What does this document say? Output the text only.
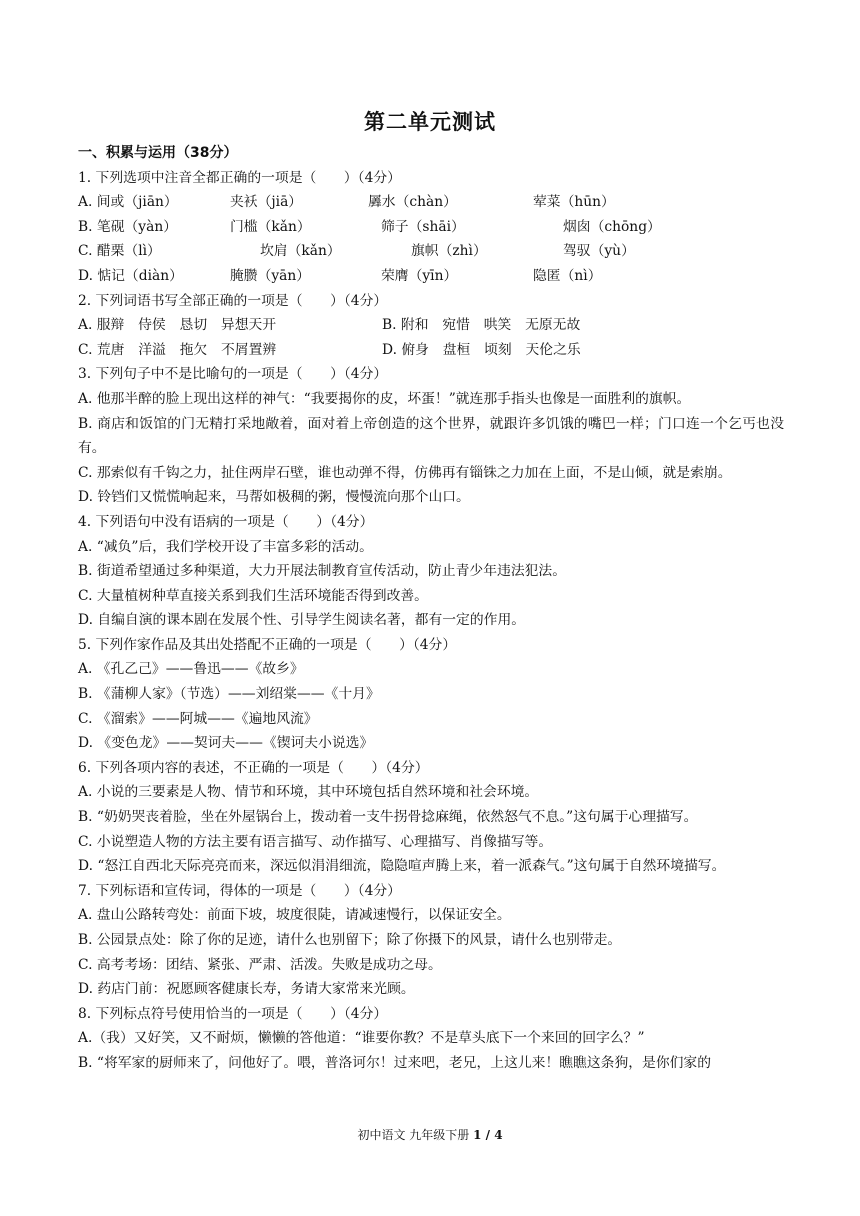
第二单元测试
一、积累与运用（38分）
1. 下列选项中注音全都正确的一项是（　　）（4分）
A. 间或（jiān）	夹袄（jiā）	羼水（chàn）	荤菜（hūn）
B. 笔砚（yàn）	门槛（kǎn）	筛子（shāi）	烟囱（chōng）
C. 醋栗（lì）	坎肩（kǎn）	旗帜（zhì）	驾驭（yù）
D. 惦记（diàn）	腌臜（yān）	荣膺（yīn）	隐匿（nì）
2. 下列词语书写全部正确的一项是（　　）（4分）
A. 服辩　侍侯　恳切　异想天开	B. 附和　宛惜　哄笑　无原无故
C. 荒唐　洋溢　拖欠　不屑置辨	D. 俯身　盘桓　顷刻　天伦之乐
3. 下列句子中不是比喻句的一项是（　　）（4分）
A. 他那半醉的脸上现出这样的神气：“我要揭你的皮，坏蛋！”就连那手指头也像是一面胜利的旗帜。
B. 商店和饭馆的门无精打采地敞着，面对着上帝创造的这个世界，就跟许多饥饿的嘴巴一样；门口连一个乞丐也没有。
C. 那索似有千钩之力，扯住两岸石壁，谁也动弹不得，仿佛再有锱铢之力加在上面，不是山倾，就是索崩。
D. 铃铛们又慌慌响起来，马帮如极稠的粥，慢慢流向那个山口。
4. 下列语句中没有语病的一项是（　　）（4分）
A. “减负”后，我们学校开设了丰富多彩的活动。
B. 街道希望通过多种渠道，大力开展法制教育宣传活动，防止青少年违法犯法。
C. 大量植树种草直接关系到我们生活环境能否得到改善。
D. 自编自演的课本剧在发展个性、引导学生阅读名著，都有一定的作用。
5. 下列作家作品及其出处搭配不正确的一项是（　　）（4分）
A. 《孔乙己》——鲁迅——《故乡》
B. 《蒲柳人家》（节选）——刘绍棠——《十月》
C. 《溜索》——阿城——《遍地风流》
D. 《变色龙》——契诃夫——《锲诃夫小说选》
6. 下列各项内容的表述，不正确的一项是（　　）（4分）
A. 小说的三要素是人物、情节和环境，其中环境包括自然环境和社会环境。
B. “奶奶哭丧着脸，坐在外屋锅台上，拨动着一支牛拐骨捻麻绳，依然怒气不息。”这句属于心理描写。
C. 小说塑造人物的方法主要有语言描写、动作描写、心理描写、肖像描写等。
D. “怒江自西北天际亮亮而来，深远似涓涓细流，隐隐喧声腾上来，着一派森气。”这句属于自然环境描写。
7. 下列标语和宣传词，得体的一项是（　　）（4分）
A. 盘山公路转弯处：前面下坡，坡度很陡，请减速慢行，以保证安全。
B. 公园景点处：除了你的足迹，请什么也别留下；除了你摄下的风景，请什么也别带走。
C. 高考考场：团结、紧张、严肃、活泼。失败是成功之母。
D. 药店门前：祝愿顾客健康长寿，务请大家常来光顾。
8. 下列标点符号使用恰当的一项是（　　）（4分）
A.（我）又好笑，又不耐烦，懒懒的答他道：“谁要你教？不是草头底下一个来回的回字么？”
B. “将军家的厨师来了，问他好了。喂，普洛诃尔！过来吧，老兄，上这儿来！瞧瞧这条狗，是你们家的
初中语文 九年级下册 1 / 4
